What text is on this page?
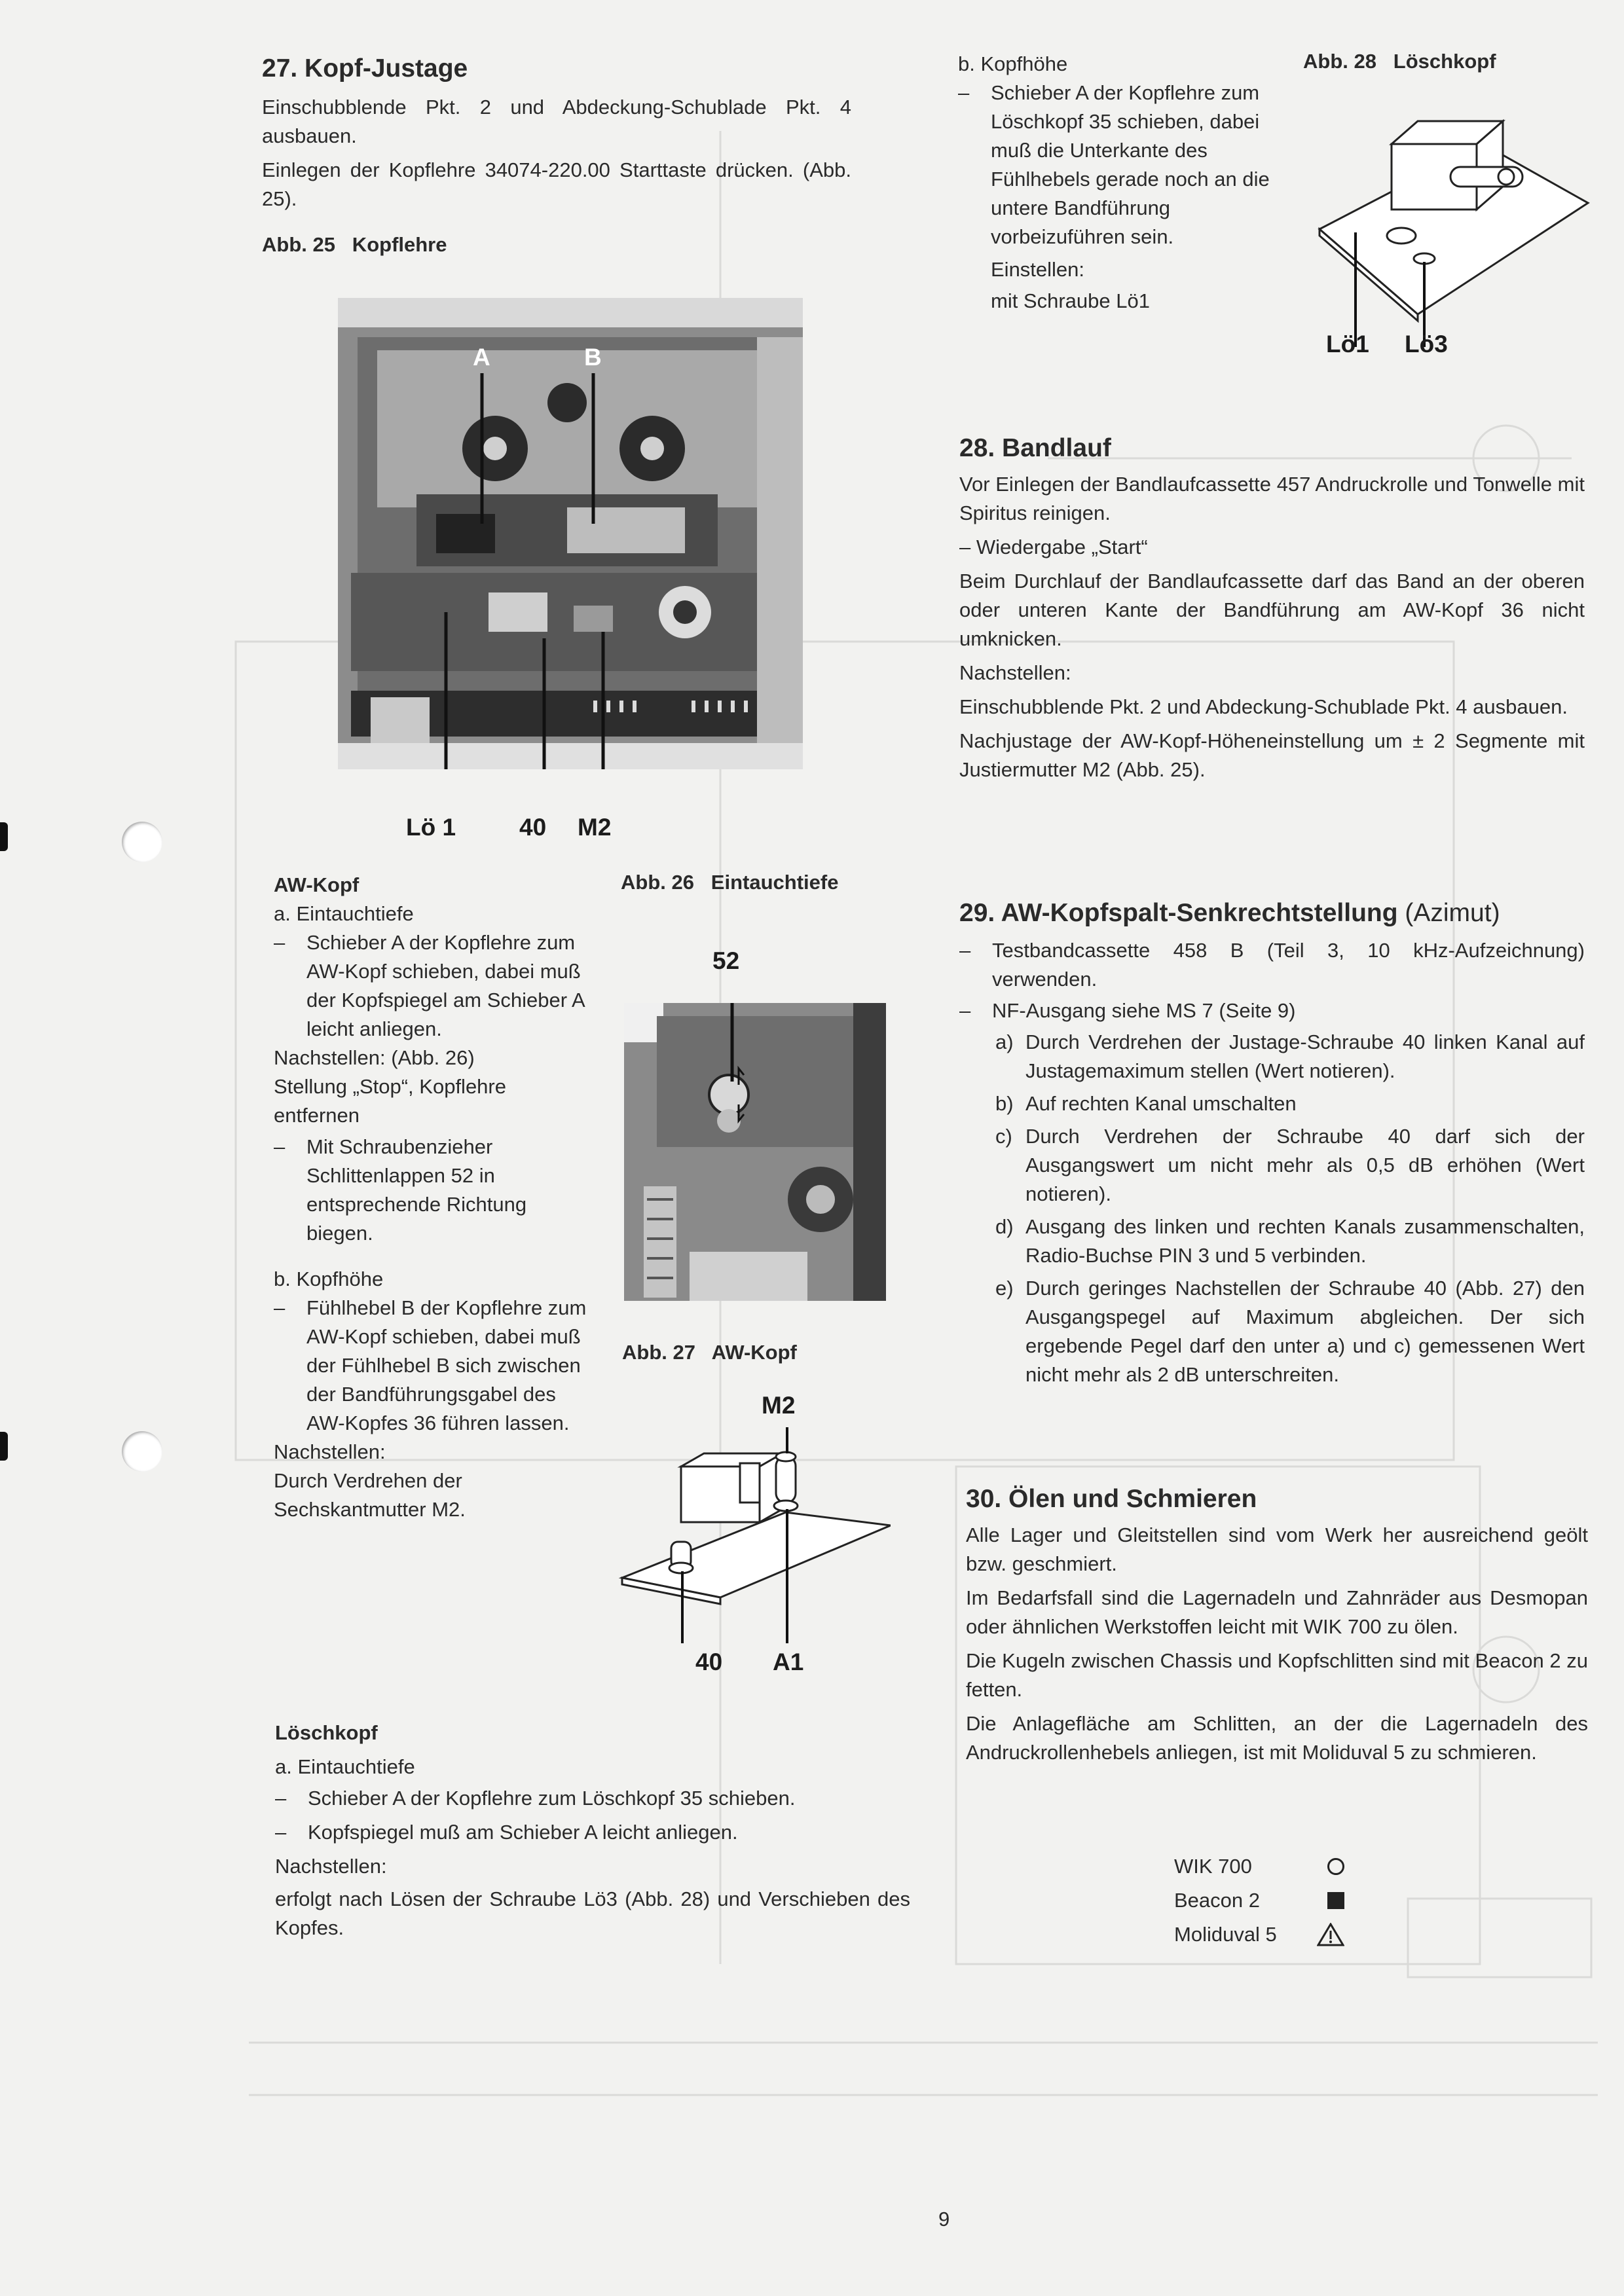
27. Kopf-Justage

Einschubblende Pkt. 2 und Abdeckung-Schublade Pkt. 4 ausbauen.

Einlegen der Kopflehre 34074-220.00 Starttaste drücken. (Abb. 25).

Abb. 25   Kopflehre
A	B
Lö 1	40 M2
AW-Kopf
a. Eintauchtiefe
–	Schieber A der Kopflehre zum AW-Kopf schieben, dabei muß der Kopfspiegel am Schieber A leicht anliegen.
Nachstellen: (Abb. 26)
Stellung „Stop“, Kopflehre entfernen
–	Mit Schraubenzieher Schlittenlappen 52 in entsprechende Richtung biegen.
b. Kopfhöhe
–	Fühlhebel B der Kopflehre zum AW-Kopf schieben, dabei muß der Fühlhebel B sich zwischen der Bandführungsgabel des AW-Kopfes 36 führen lassen.
Nachstellen:
Durch Verdrehen der Sechskantmutter M2.
Abb. 26   Eintauchtiefe
52
Abb. 27   AW-Kopf
M2
40 A1
Löschkopf
a. Eintauchtiefe
–	Schieber A der Kopflehre zum Löschkopf 35 schieben.
–	Kopfspiegel muß am Schieber A leicht anliegen.
Nachstellen:
erfolgt nach Lösen der Schraube Lö3 (Abb. 28) und Verschieben des Kopfes.
b. Kopfhöhe
–	Schieber A der Kopflehre zum Löschkopf 35 schieben, dabei muß die Unterkante des Fühlhebels gerade noch an die untere Bandführung vorbeizuführen sein.
Einstellen:
mit Schraube Lö1
Abb. 28   Löschkopf
Lö1 Lö3
28. Bandlauf

Vor Einlegen der Bandlaufcassette 457 Andruckrolle und Tonwelle mit Spiritus reinigen.

– Wiedergabe „Start“

Beim Durchlauf der Bandlaufcassette darf das Band an der oberen oder unteren Kante der Bandführung am AW-Kopf 36 nicht umknicken.

Nachstellen:

Einschubblende Pkt. 2 und Abdeckung-Schublade Pkt. 4 ausbauen.

Nachjustage der AW-Kopf-Höheneinstellung um ± 2 Segmente mit Justiermutter M2 (Abb. 25).

29. AW-Kopfspalt-Senkrechtstellung (Azimut)
–	Testbandcassette 458 B (Teil 3, 10 kHz-Aufzeichnung) verwenden.
–	NF-Ausgang siehe MS 7 (Seite 9)
a) Durch Verdrehen der Justage-Schraube 40 linken Kanal auf Justagemaximum stellen (Wert notieren).
b) Auf rechten Kanal umschalten
c) Durch Verdrehen der Schraube 40 darf sich der Ausgangswert um nicht mehr als 0,5 dB erhöhen (Wert notieren).
d) Ausgang des linken und rechten Kanals zusammenschalten, Radio-Buchse PIN 3 und 5 verbinden.
e) Durch geringes Nachstellen der Schraube 40 (Abb. 27) den Ausgangspegel auf Maximum abgleichen. Der sich ergebende Pegel darf den unter a) und c) gemessenen Wert nicht mehr als 2 dB unterschreiten.
30. Ölen und Schmieren

Alle Lager und Gleitstellen sind vom Werk her ausreichend geölt bzw. geschmiert.

Im Bedarfsfall sind die Lagernadeln und Zahnräder aus Desmopan oder ähnlichen Werkstoffen leicht mit WIK 700 zu ölen.

Die Kugeln zwischen Chassis und Kopfschlitten sind mit Beacon 2 zu fetten.

Die Anlagefläche am Schlitten, an der die Lagernadeln des Andruckrollenhebels anliegen, ist mit Moliduval 5 zu schmieren.

WIK 700
Beacon 2
Moliduval 5
9
